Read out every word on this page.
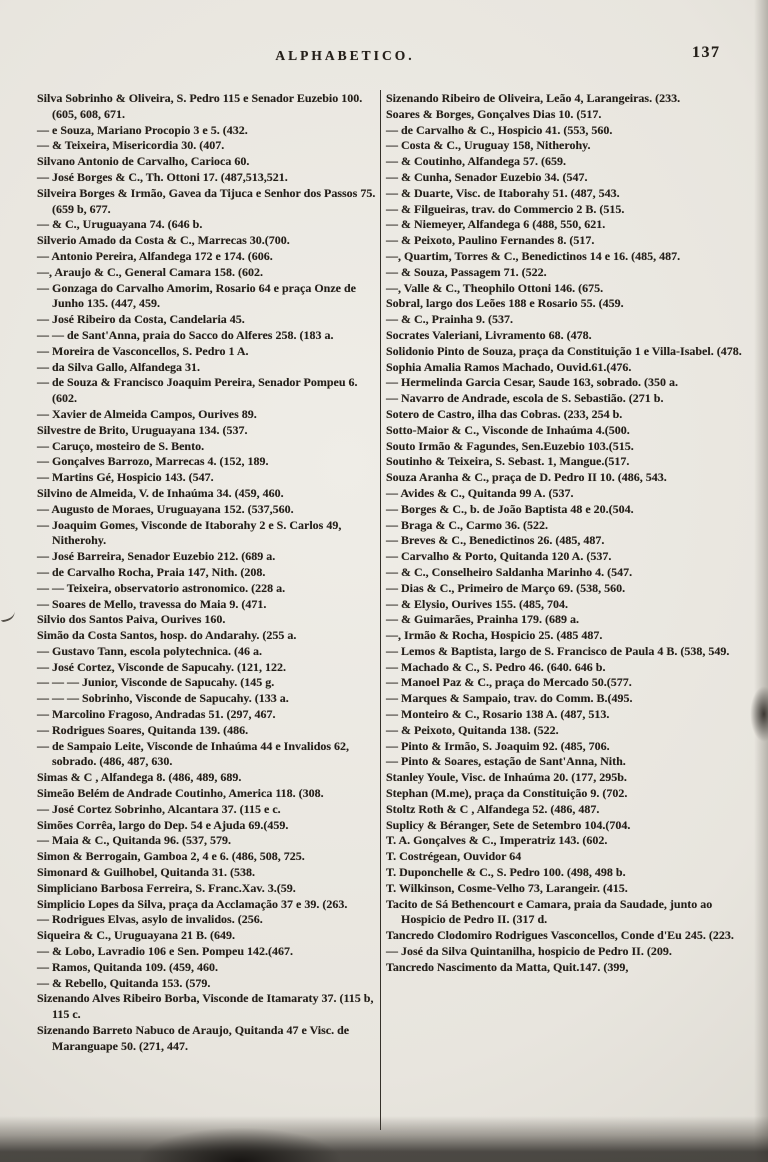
ALPHABETICO.	137

Silva Sobrinho & Oliveira, S. Pedro 115 e Senador Euzebio 100. (605, 608, 671.

— e Souza, Mariano Procopio 3 e 5. (432.

— & Teixeira, Misericordia 30. (407.

Silvano Antonio de Carvalho, Carioca 60.

— José Borges & C., Th. Ottoni 17. (487,513,521.

Silveira Borges & Irmão, Gavea da Tijuca e Senhor dos Passos 75. (659 b, 677.

— & C., Uruguayana 74. (646 b.

Silverio Amado da Costa & C., Marrecas 30.(700.

— Antonio Pereira, Alfandega 172 e 174. (606.

—, Araujo & C., General Camara 158. (602.

— Gonzaga do Carvalho Amorim, Rosario 64 e praça Onze de Junho 135. (447, 459.

— José Ribeiro da Costa, Candelaria 45.

— — de Sant'Anna, praia do Sacco do Alferes 258. (183 a.

— Moreira de Vasconcellos, S. Pedro 1 A.

— da Silva Gallo, Alfandega 31.

— de Souza & Francisco Joaquim Pereira, Senador Pompeu 6. (602.

— Xavier de Almeida Campos, Ourives 89.

Silvestre de Brito, Uruguayana 134. (537.

— Caruço, mosteiro de S. Bento.

— Gonçalves Barrozo, Marrecas 4. (152, 189.

— Martins Gé, Hospicio 143. (547.

Silvino de Almeida, V. de Inhaúma 34. (459, 460.

— Augusto de Moraes, Uruguayana 152. (537,560.

— Joaquim Gomes, Visconde de Itaborahy 2 e S. Carlos 49, Nitherohy.

— José Barreira, Senador Euzebio 212. (689 a.

— de Carvalho Rocha, Praia 147, Nith. (208.

— — Teixeira, observatorio astronomico. (228 a.

— Soares de Mello, travessa do Maia 9. (471.

Silvio dos Santos Paiva, Ourives 160.

Simão da Costa Santos, hosp. do Andarahy. (255 a.

— Gustavo Tann, escola polytechnica. (46 a.

— José Cortez, Visconde de Sapucahy. (121, 122.

— — — Junior, Visconde de Sapucahy. (145 g.

— — — Sobrinho, Visconde de Sapucahy. (133 a.

— Marcolino Fragoso, Andradas 51. (297, 467.

— Rodrigues Soares, Quitanda 139. (486.

— de Sampaio Leite, Visconde de Inhaúma 44 e Invalidos 62, sobrado. (486, 487, 630.

Simas & C , Alfandega 8. (486, 489, 689.

Simeão Belém de Andrade Coutinho, America 118. (308.

— José Cortez Sobrinho, Alcantara 37. (115 e c.

Simões Corrêa, largo do Dep. 54 e Ajuda 69.(459.

— Maia & C., Quitanda 96. (537, 579.

Simon & Berrogain, Gamboa 2, 4 e 6. (486, 508, 725.

Simonard & Guilhobel, Quitanda 31. (538.

Simpliciano Barbosa Ferreira, S. Franc.Xav. 3.(59.

Simplicio Lopes da Silva, praça da Acclamação 37 e 39. (263.

— Rodrigues Elvas, asylo de invalidos. (256.

Siqueira & C., Uruguayana 21 B. (649.

— & Lobo, Lavradio 106 e Sen. Pompeu 142.(467.

— Ramos, Quitanda 109. (459, 460.

— & Rebello, Quitanda 153. (579.

Sizenando Alves Ribeiro Borba, Visconde de Itamaraty 37. (115 b, 115 c.

Sizenando Barreto Nabuco de Araujo, Quitanda 47 e Visc. de Maranguape 50. (271, 447.

Sizenando Ribeiro de Oliveira, Leão 4, Larangeiras. (233.

Soares & Borges, Gonçalves Dias 10. (517.

— de Carvalho & C., Hospicio 41. (553, 560.

— Costa & C., Uruguay 158, Nitherohy.

— & Coutinho, Alfandega 57. (659.

— & Cunha, Senador Euzebio 34. (547.

— & Duarte, Visc. de Itaborahy 51. (487, 543.

— & Filgueiras, trav. do Commercio 2 B. (515.

— & Niemeyer, Alfandega 6 (488, 550, 621.

— & Peixoto, Paulino Fernandes 8. (517.

—, Quartim, Torres & C., Benedictinos 14 e 16. (485, 487.

— & Souza, Passagem 71. (522.

—, Valle & C., Theophilo Ottoni 146. (675.

Sobral, largo dos Leões 188 e Rosario 55. (459.

— & C., Prainha 9. (537.

Socrates Valeriani, Livramento 68. (478.

Solidonio Pinto de Souza, praça da Constituição 1 e Villa-Isabel. (478.

Sophia Amalia Ramos Machado, Ouvid.61.(476.

— Hermelinda Garcia Cesar, Saude 163, sobrado. (350 a.

— Navarro de Andrade, escola de S. Sebastião. (271 b.

Sotero de Castro, ilha das Cobras. (233, 254 b.

Sotto-Maior & C., Visconde de Inhaúma 4.(500.

Souto Irmão & Fagundes, Sen.Euzebio 103.(515.

Soutinho & Teixeira, S. Sebast. 1, Mangue.(517.

Souza Aranha & C., praça de D. Pedro II 10. (486, 543.

— Avides & C., Quitanda 99 A. (537.

— Borges & C., b. de João Baptista 48 e 20.(504.

— Braga & C., Carmo 36. (522.

— Breves & C., Benedictinos 26. (485, 487.

— Carvalho & Porto, Quitanda 120 A. (537.

— & C., Conselheiro Saldanha Marinho 4. (547.

— Dias & C., Primeiro de Março 69. (538, 560.

— & Elysio, Ourives 155. (485, 704.

— & Guimarães, Prainha 179. (689 a.

—, Irmão & Rocha, Hospicio 25. (485 487.

— Lemos & Baptista, largo de S. Francisco de Paula 4 B. (538, 549.

— Machado & C., S. Pedro 46. (640. 646 b.

— Manoel Paz & C., praça do Mercado 50.(577.

— Marques & Sampaio, trav. do Comm. B.(495.

— Monteiro & C., Rosario 138 A. (487, 513.

— & Peixoto, Quitanda 138. (522.

— Pinto & Irmão, S. Joaquim 92. (485, 706.

— Pinto & Soares, estação de Sant'Anna, Nith.

Stanley Youle, Visc. de Inhaúma 20. (177, 295b.

Stephan (M.me), praça da Constituição 9. (702.

Stoltz Roth & C , Alfandega 52. (486, 487.

Suplicy & Béranger, Sete de Setembro 104.(704.

T. A. Gonçalves & C., Imperatriz 143. (602.

T. Costrégean, Ouvidor 64

T. Duponchelle & C., S. Pedro 100. (498, 498 b.

T. Wilkinson, Cosme-Velho 73, Larangeir. (415.

Tacito de Sá Bethencourt e Camara, praia da Saudade, junto ao Hospicio de Pedro II. (317 d.

Tancredo Clodomiro Rodrigues Vasconcellos, Conde d'Eu 245. (223.

— José da Silva Quintanilha, hospicio de Pedro II. (209.

Tancredo Nascimento da Matta, Quit.147. (399,
